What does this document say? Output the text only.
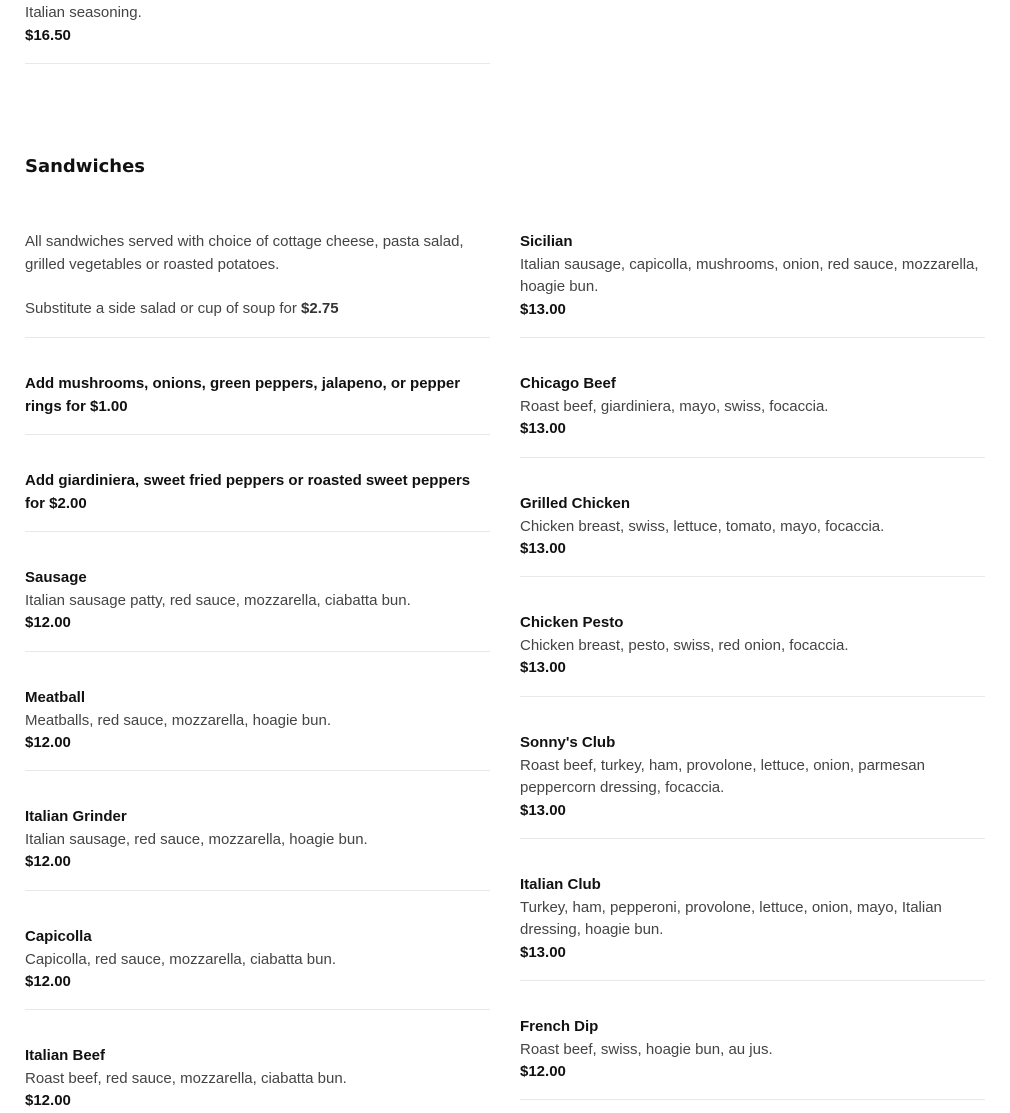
Italian seasoning.
$16.50
Sandwiches
All sandwiches served with choice of cottage cheese, pasta salad, grilled vegetables or roasted potatoes.
Substitute a side salad or cup of soup for $2.75
Add mushrooms, onions, green peppers, jalapeno, or pepper rings for $1.00
Add giardiniera, sweet fried peppers or roasted sweet peppers for $2.00
Sausage
Italian sausage patty, red sauce, mozzarella, ciabatta bun.
$12.00
Meatball
Meatballs, red sauce, mozzarella, hoagie bun.
$12.00
Italian Grinder
Italian sausage, red sauce, mozzarella, hoagie bun.
$12.00
Capicolla
Capicolla, red sauce, mozzarella, ciabatta bun.
$12.00
Italian Beef
Roast beef, red sauce, mozzarella, ciabatta bun.
$12.00
Sicilian
Italian sausage, capicolla, mushrooms, onion, red sauce, mozzarella, hoagie bun.
$13.00
Chicago Beef
Roast beef, giardiniera, mayo, swiss, focaccia.
$13.00
Grilled Chicken
Chicken breast, swiss, lettuce, tomato, mayo, focaccia.
$13.00
Chicken Pesto
Chicken breast, pesto, swiss, red onion, focaccia.
$13.00
Sonny's Club
Roast beef, turkey, ham, provolone, lettuce, onion, parmesan peppercorn dressing, focaccia.
$13.00
Italian Club
Turkey, ham, pepperoni, provolone, lettuce, onion, mayo, Italian dressing, hoagie bun.
$13.00
French Dip
Roast beef, swiss, hoagie bun, au jus.
$12.00
